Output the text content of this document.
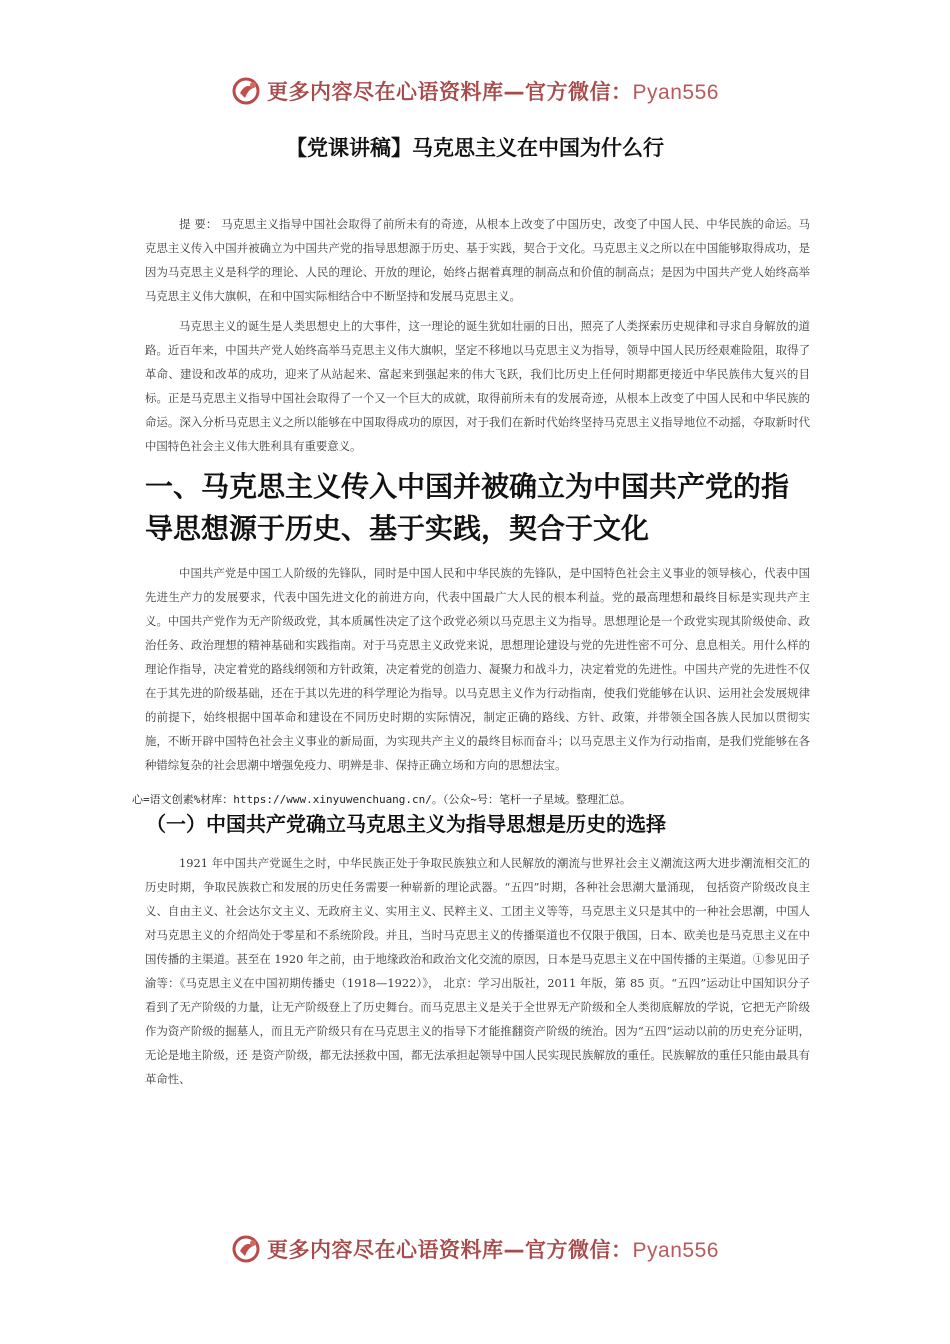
更多内容尽在心语资料库—官方微信：Pyan556
【党课讲稿】马克思主义在中国为什么行

提 要： 马克思主义指导中国社会取得了前所未有的奇迹，从根本上改变了中国历史，改变了中国人民、中华民族的命运。马克思主义传入中国并被确立为中国共产党的指导思想源于历史、基于实践，契合于文化。马克思主义之所以在中国能够取得成功，是因为马克思主义是科学的理论、人民的理论、开放的理论，始终占据着真理的制高点和价值的制高点；是因为中国共产党人始终高举马克思主义伟大旗帜，在和中国实际相结合中不断坚持和发展马克思主义。

马克思主义的诞生是人类思想史上的大事件，这一理论的诞生犹如壮丽的日出，照亮了人类探索历史规律和寻求自身解放的道路。近百年来，中国共产党人始终高举马克思主义伟大旗帜，坚定不移地以马克思主义为指导，领导中国人民历经艰难险阻，取得了革命、建设和改革的成功，迎来了从站起来、富起来到强起来的伟大飞跃，我们比历史上任何时期都更接近中华民族伟大复兴的目标。正是马克思主义指导中国社会取得了一个又一个巨大的成就，取得前所未有的发展奇迹，从根本上改变了中国人民和中华民族的命运。深入分析马克思主义之所以能够在中国取得成功的原因，对于我们在新时代始终坚持马克思主义指导地位不动摇，夺取新时代中国特色社会主义伟大胜利具有重要意义。

一、马克思主义传入中国并被确立为中国共产党的指导思想源于历史、基于实践，契合于文化

中国共产党是中国工人阶级的先锋队，同时是中国人民和中华民族的先锋队，是中国特色社会主义事业的领导核心，代表中国先进生产力的发展要求，代表中国先进文化的前进方向，代表中国最广大人民的根本利益。党的最高理想和最终目标是实现共产主义。中国共产党作为无产阶级政党，其本质属性决定了这个政党必须以马克思主义为指导。思想理论是一个政党实现其阶级使命、政治任务、政治理想的精神基础和实践指南。对于马克思主义政党来说，思想理论建设与党的先进性密不可分、息息相关。用什么样的理论作指导，决定着党的路线纲领和方针政策，决定着党的创造力、凝聚力和战斗力，决定着党的先进性。中国共产党的先进性不仅在于其先进的阶级基础，还在于其以先进的科学理论为指导。以马克思主义作为行动指南，使我们党能够在认识、运用社会发展规律的前提下，始终根据中国革命和建设在不同历史时期的实际情况，制定正确的路线、方针、政策，并带领全国各族人民加以贯彻实施，不断开辟中国特色社会主义事业的新局面，为实现共产主义的最终目标而奋斗；以马克思主义作为行动指南，是我们党能够在各种错综复杂的社会思潮中增强免疫力、明辨是非、保持正确立场和方向的思想法宝。

心=语文创素%材库：https://www.xinyuwenchuang.cn/。（公众~号：笔杆一子星域。整理汇总。
（一）中国共产党确立马克思主义为指导思想是历史的选择

1921 年中国共产党诞生之时，中华民族正处于争取民族独立和人民解放的潮流与世界社会主义潮流这两大进步潮流相交汇的历史时期，争取民族救亡和发展的历史任务需要一种崭新的理论武器。“五四”时期，各种社会思潮大量涌现， 包括资产阶级改良主义、自由主义、社会达尔文主义、无政府主义、实用主义、民粹主义、工团主义等等，马克思主义只是其中的一种社会思潮，中国人对马克思主义的介绍尚处于零星和不系统阶段。并且，当时马克思主义的传播渠道也不仅限于俄国，日本、欧美也是马克思主义在中国传播的主渠道。甚至在 1920 年之前，由于地缘政治和政治文化交流的原因，日本是马克思主义在中国传播的主渠道。①参见田子渝等：《马克思主义在中国初期传播史（1918—1922）》， 北京：学习出版社，2011 年版，第 85 页。“五四”运动让中国知识分子看到了无产阶级的力量，让无产阶级登上了历史舞台。而马克思主义是关于全世界无产阶级和全人类彻底解放的学说，它把无产阶级作为资产阶级的掘墓人，而且无产阶级只有在马克思主义的指导下才能推翻资产阶级的统治。因为“五四”运动以前的历史充分证明，无论是地主阶级，还 是资产阶级，都无法拯救中国，都无法承担起领导中国人民实现民族解放的重任。民族解放的重任只能由最具有革命性、

更多内容尽在心语资料库—官方微信：Pyan556
